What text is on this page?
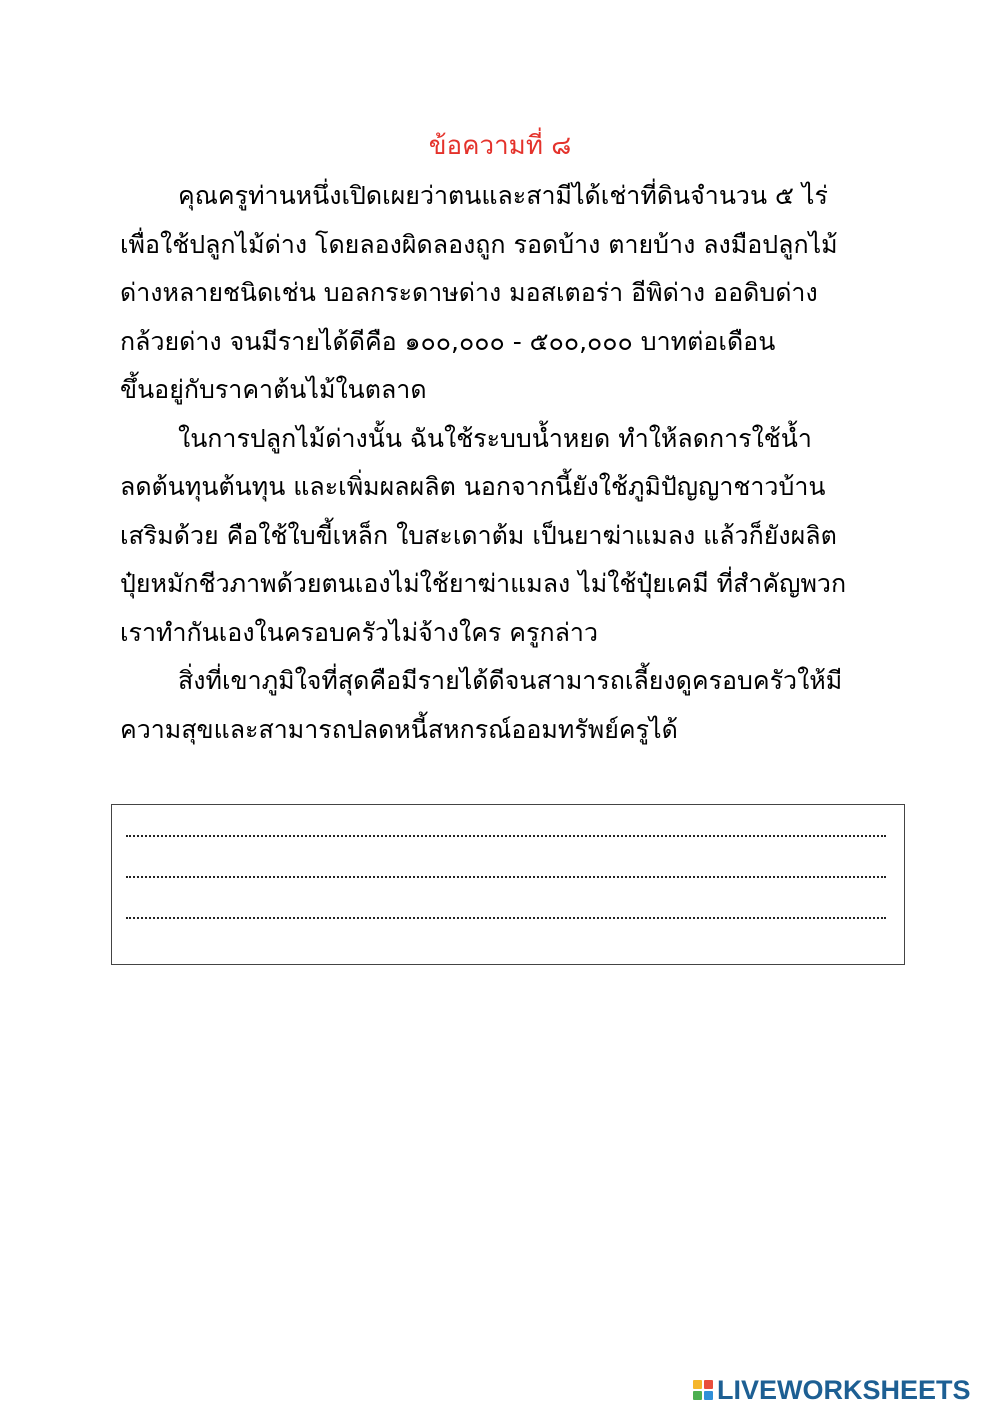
ข้อความที่ ๘
คุณครูท่านหนึ่งเปิดเผยว่าตนและสามีได้เช่าที่ดินจำนวน ๕ ไร่
เพื่อใช้ปลูกไม้ด่าง โดยลองผิดลองถูก รอดบ้าง ตายบ้าง ลงมือปลูกไม้
ด่างหลายชนิดเช่น บอลกระดาษด่าง มอสเตอร่า อีพิด่าง ออดิบด่าง
กล้วยด่าง จนมีรายได้ดีคือ ๑๐๐,๐๐๐ - ๕๐๐,๐๐๐ บาทต่อเดือน
ขึ้นอยู่กับราคาต้นไม้ในตลาด
ในการปลูกไม้ด่างนั้น ฉันใช้ระบบน้ำหยด ทำให้ลดการใช้น้ำ
ลดต้นทุนต้นทุน และเพิ่มผลผลิต นอกจากนี้ยังใช้ภูมิปัญญาชาวบ้าน
เสริมด้วย คือใช้ใบขี้เหล็ก ใบสะเดาต้ม เป็นยาฆ่าแมลง แล้วก็ยังผลิต
ปุ๋ยหมักชีวภาพด้วยตนเองไม่ใช้ยาฆ่าแมลง ไม่ใช้ปุ๋ยเคมี ที่สำคัญพวก
เราทำกันเองในครอบครัวไม่จ้างใคร ครูกล่าว
สิ่งที่เขาภูมิใจที่สุดคือมีรายได้ดีจนสามารถเลี้ยงดูครอบครัวให้มี
ความสุขและสามารถปลดหนี้สหกรณ์ออมทรัพย์ครูได้
LIVEWORKSHEETS
